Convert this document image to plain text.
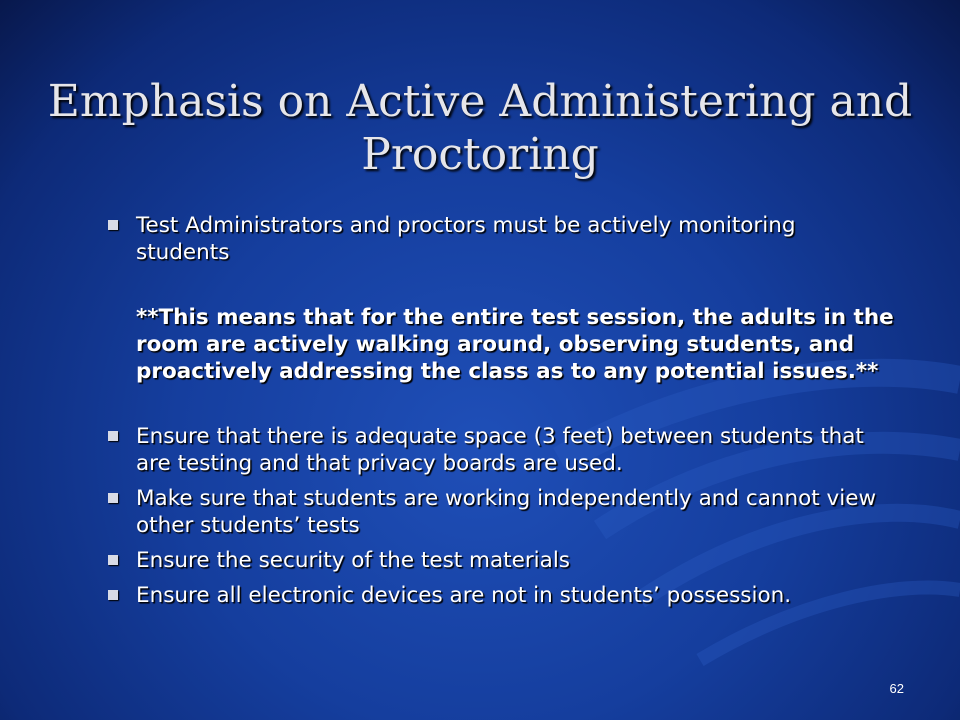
Emphasis on Active Administering and Proctoring
Test Administrators and proctors must be actively monitoring students
**This means that for the entire test session, the adults in the room are actively walking around, observing students, and proactively addressing the class as to any potential issues.**
Ensure that there is adequate space (3 feet) between students that are testing and that privacy boards are used.
Make sure that students are working independently and cannot view other students’ tests
Ensure the security of the test materials
Ensure all electronic devices are not in students’ possession.
62
